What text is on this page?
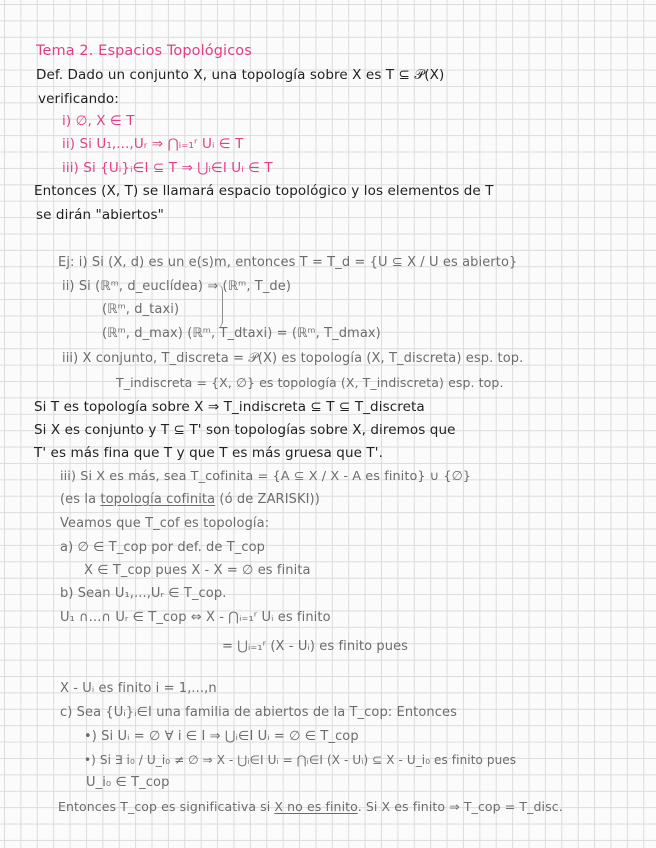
Tema 2. Espacios Topológicos
Def. Dado un conjunto X, una topología sobre X es T ⊆ 𝒫(X)
verificando:
i) ∅, X ∈ T
ii) Si U₁,...,Uᵣ ⇒ ⋂ᵢ₌₁ʳ Uᵢ ∈ T
iii) Si {Uᵢ}ᵢ∈I ⊆ T ⇒ ⋃ᵢ∈I Uᵢ ∈ T
Entonces (X, T) se llamará espacio topológico y los elementos de T
se dirán "abiertos"
Ej: i) Si (X, d) es un e(s)m, entonces T = T_d = {U ⊆ X / U es abierto}
ii) Si (ℝᵐ, d_euclídea) ⇒ (ℝᵐ, T_de)
(ℝᵐ, d_taxi)
(ℝᵐ, d_max) (ℝᵐ, T_dtaxi) = (ℝᵐ, T_dmax)
iii) X conjunto, T_discreta = 𝒫(X) es topología (X, T_discreta) esp. top.
T_indiscreta = {X, ∅} es topología (X, T_indiscreta) esp. top.
Si T es topología sobre X ⇒ T_indiscreta ⊆ T ⊆ T_discreta
Si X es conjunto y T ⊆ T' son topologías sobre X, diremos que
T' es más fina que T y que T es más gruesa que T'.
iii) Si X es más, sea T_cofinita = {A ⊆ X / X - A es finito} ∪ {∅}
(es la topología cofinita (ó de ZARISKI))
Veamos que T_cof es topología:
a) ∅ ∈ T_cop por def. de T_cop
X ∈ T_cop pues X - X = ∅ es finita
b) Sean U₁,...,Uᵣ ∈ T_cop.
U₁ ∩...∩ Uᵣ ∈ T_cop ⇔ X - ⋂ᵢ₌₁ʳ Uᵢ es finito
= ⋃ᵢ₌₁ʳ (X - Uᵢ) es finito pues
X - Uᵢ es finito i = 1,...,n
c) Sea {Uᵢ}ᵢ∈I una familia de abiertos de la T_cop: Entonces
•) Si Uᵢ = ∅ ∀ i ∈ I ⇒ ⋃ᵢ∈I Uᵢ = ∅ ∈ T_cop
•) Si ∃ i₀ / U_i₀ ≠ ∅ ⇒ X - ⋃ᵢ∈I Uᵢ = ⋂ᵢ∈I (X - Uᵢ) ⊆ X - U_i₀ es finito pues
U_i₀ ∈ T_cop
Entonces T_cop es significativa si X no es finito. Si X es finito ⇒ T_cop = T_disc.
